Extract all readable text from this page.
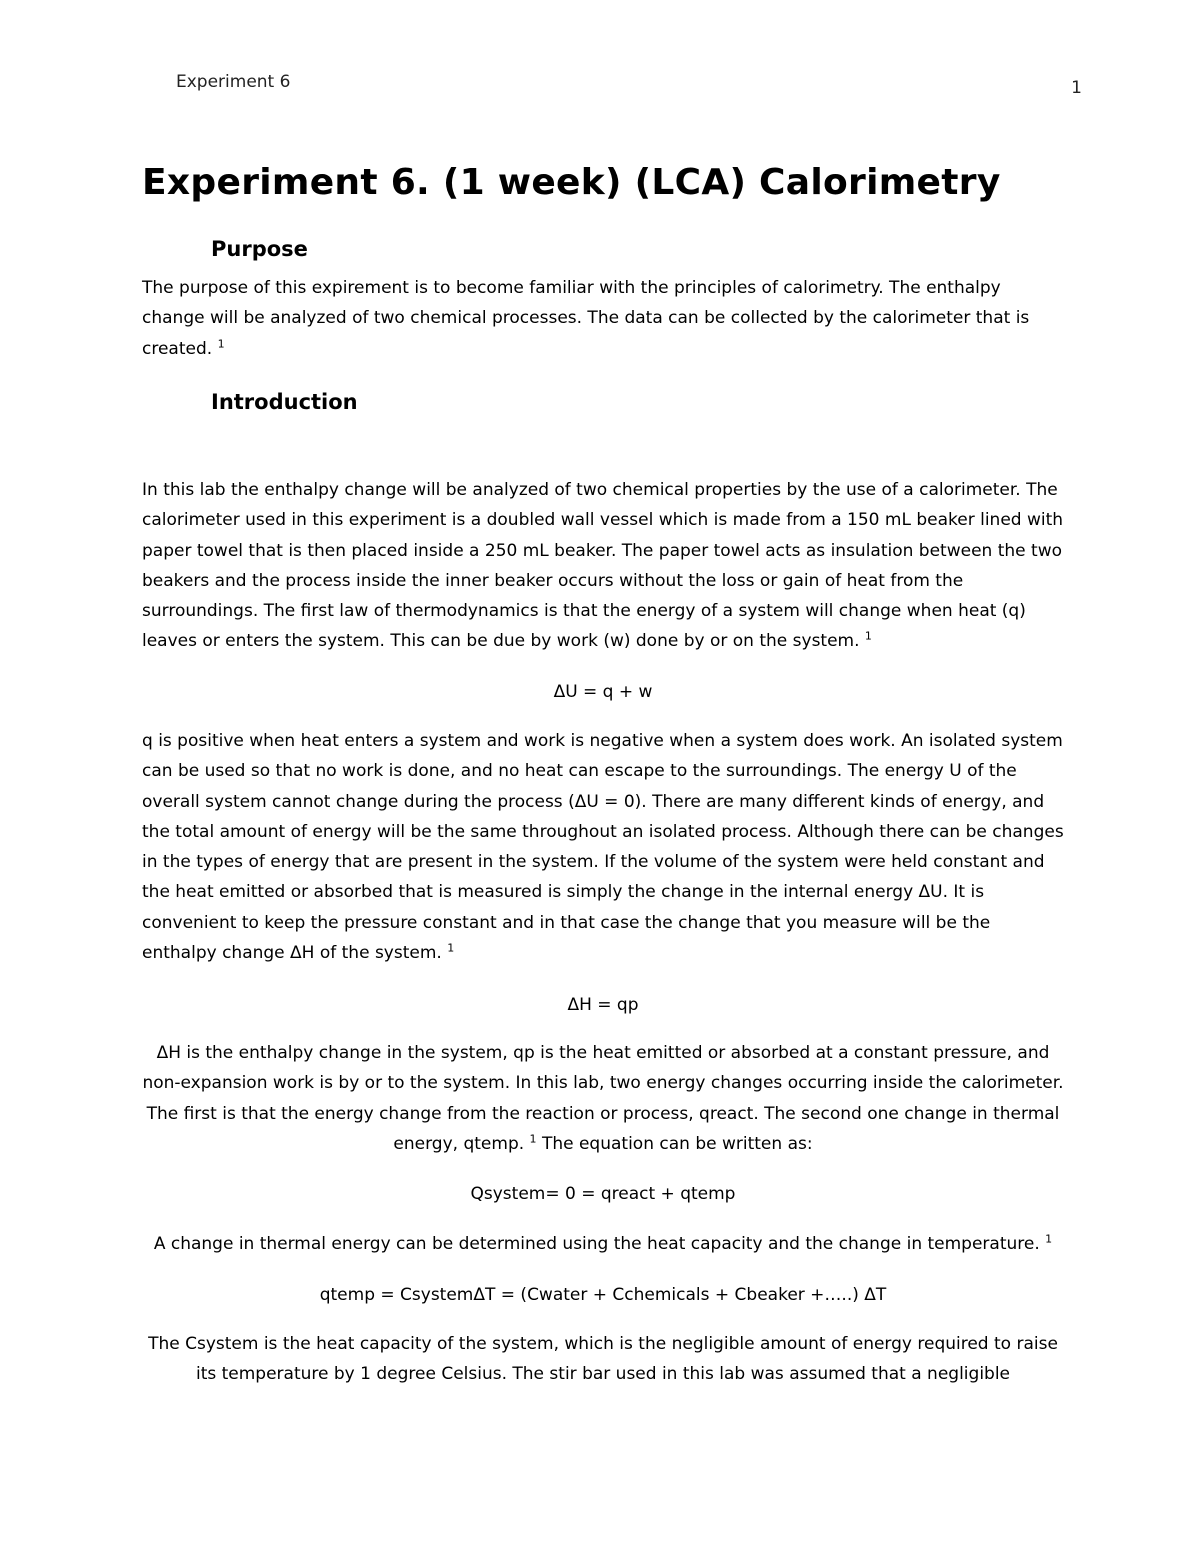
Experiment 6	1
Experiment 6. (1 week) (LCA) Calorimetry
Purpose

The purpose of this expirement is to become familiar with the principles of calorimetry. The enthalpy change will be analyzed of two chemical processes. The data can be collected by the calorimeter that is created. $^1$

Introduction

In this lab the enthalpy change will be analyzed of two chemical properties by the use of a calorimeter. The calorimeter used in this experiment is a doubled wall vessel which is made from a 150 mL beaker lined with paper towel that is then placed inside a 250 mL beaker. The paper towel acts as insulation between the two beakers and the process inside the inner beaker occurs without the loss or gain of heat from the surroundings. The first law of thermodynamics is that the energy of a system will change when heat (q) leaves or enters the system. This can be due by work (w) done by or on the system. $^1$

ΔU = q + w

q is positive when heat enters a system and work is negative when a system does work. An isolated system can be used so that no work is done, and no heat can escape to the surroundings. The energy U of the overall system cannot change during the process (ΔU = 0). There are many different kinds of energy, and the total amount of energy will be the same throughout an isolated process. Although there can be changes in the types of energy that are present in the system. If the volume of the system were held constant and the heat emitted or absorbed that is measured is simply the change in the internal energy ΔU. It is convenient to keep the pressure constant and in that case the change that you measure will be the enthalpy change ΔH of the system. $^1$

ΔH = qp

ΔH is the enthalpy change in the system, qp is the heat emitted or absorbed at a constant pressure, and non-expansion work is by or to the system. In this lab, two energy changes occurring inside the calorimeter. The first is that the energy change from the reaction or process, qreact. The second one change in thermal energy, qtemp. $^1$ The equation can be written as:

Qsystem= 0 = qreact + qtemp

A change in thermal energy can be determined using the heat capacity and the change in temperature. $^1$

qtemp = CsystemΔT = (Cwater + Cchemicals + Cbeaker +…..) ΔT

The Csystem is the heat capacity of the system, which is the negligible amount of energy required to raise its temperature by 1 degree Celsius. The stir bar used in this lab was assumed that a negligible
